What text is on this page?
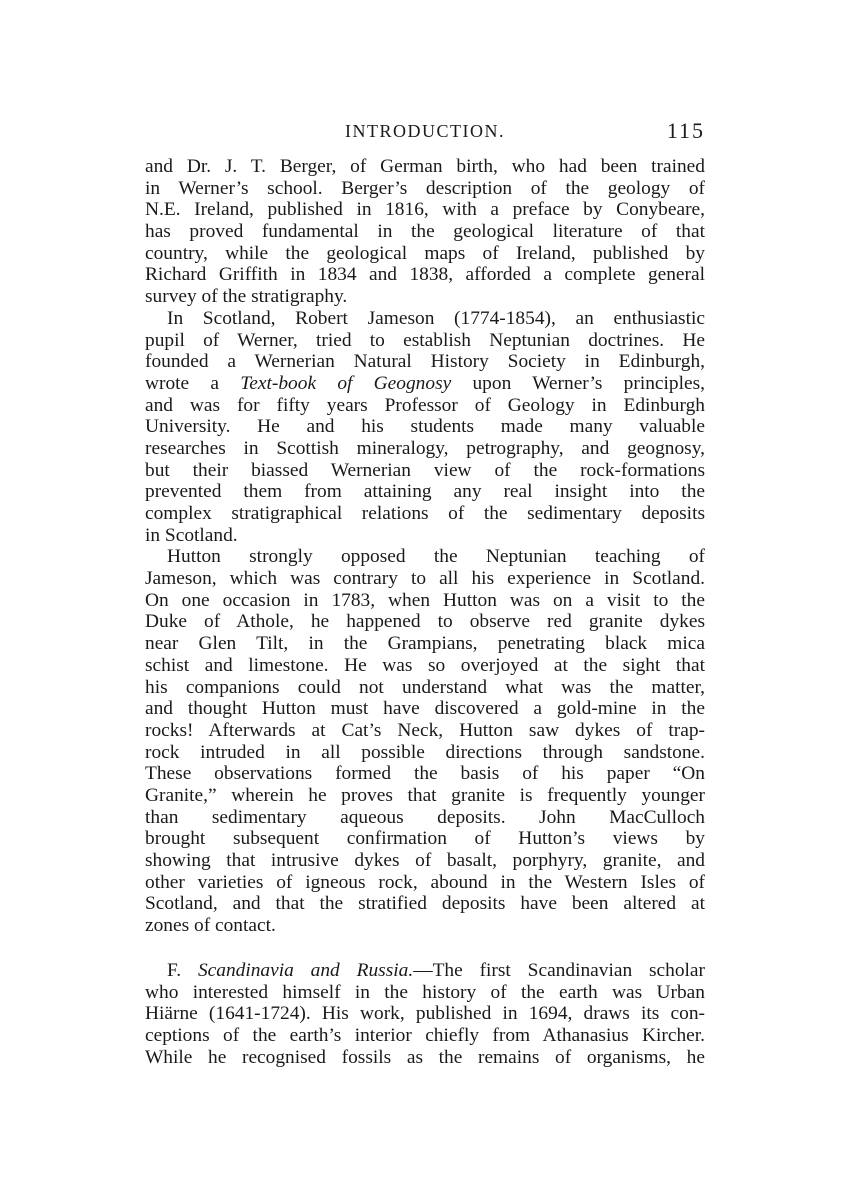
INTRODUCTION.	115
and Dr. J. T. Berger, of German birth, who had been trained
in Werner’s school. Berger’s description of the geology of
N.E. Ireland, published in 1816, with a preface by Conybeare,
has proved fundamental in the geological literature of that
country, while the geological maps of Ireland, published by
Richard Griffith in 1834 and 1838, afforded a complete general
survey of the stratigraphy.
In Scotland, Robert Jameson (1774-1854), an enthusiastic
pupil of Werner, tried to establish Neptunian doctrines. He
founded a Wernerian Natural History Society in Edinburgh,
wrote a Text-book of Geognosy upon Werner’s principles,
and was for fifty years Professor of Geology in Edinburgh
University. He and his students made many valuable
researches in Scottish mineralogy, petrography, and geognosy,
but their biassed Wernerian view of the rock-formations
prevented them from attaining any real insight into the
complex stratigraphical relations of the sedimentary deposits
in Scotland.
Hutton strongly opposed the Neptunian teaching of
Jameson, which was contrary to all his experience in Scotland.
On one occasion in 1783, when Hutton was on a visit to the
Duke of Athole, he happened to observe red granite dykes
near Glen Tilt, in the Grampians, penetrating black mica
schist and limestone. He was so overjoyed at the sight that
his companions could not understand what was the matter,
and thought Hutton must have discovered a gold-mine in the
rocks! Afterwards at Cat’s Neck, Hutton saw dykes of trap-
rock intruded in all possible directions through sandstone.
These observations formed the basis of his paper “On
Granite,” wherein he proves that granite is frequently younger
than sedimentary aqueous deposits. John MacCulloch
brought subsequent confirmation of Hutton’s views by
showing that intrusive dykes of basalt, porphyry, granite, and
other varieties of igneous rock, abound in the Western Isles of
Scotland, and that the stratified deposits have been altered at
zones of contact.
F. Scandinavia and Russia.—The first Scandinavian scholar
who interested himself in the history of the earth was Urban
Hiärne (1641-1724). His work, published in 1694, draws its con-
ceptions of the earth’s interior chiefly from Athanasius Kircher.
While he recognised fossils as the remains of organisms, he
